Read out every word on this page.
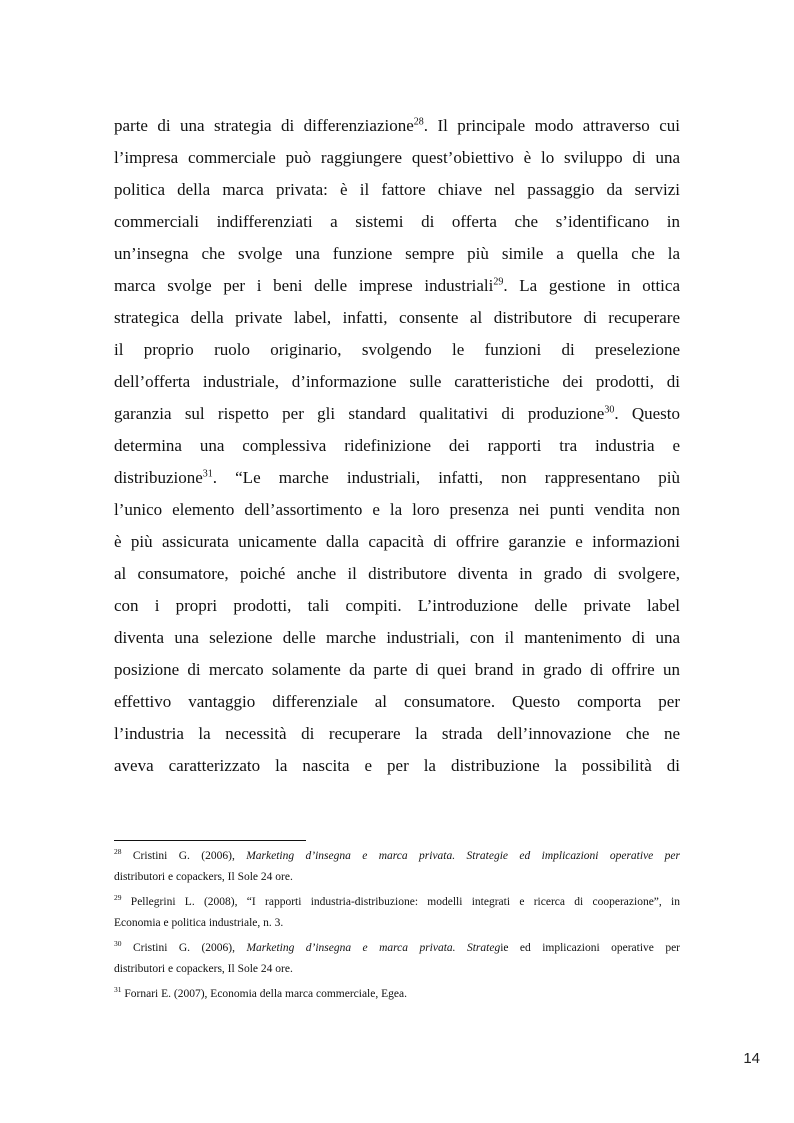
parte di una strategia di differenziazione$^{28}$. Il principale modo attraverso cui
l’impresa commerciale può raggiungere quest’obiettivo è lo sviluppo di una
politica della marca privata: è il fattore chiave nel passaggio da servizi
commerciali indifferenziati a sistemi di offerta che s’identificano in
un’insegna che svolge una funzione sempre più simile a quella che la
marca svolge per i beni delle imprese industriali$^{29}$. La gestione in ottica
strategica della private label, infatti, consente al distributore di recuperare
il proprio ruolo originario, svolgendo le funzioni di preselezione
dell’offerta industriale, d’informazione sulle caratteristiche dei prodotti, di
garanzia sul rispetto per gli standard qualitativi di produzione$^{30}$. Questo
determina una complessiva ridefinizione dei rapporti tra industria e
distribuzione$^{31}$. “Le marche industriali, infatti, non rappresentano più
l’unico elemento dell’assortimento e la loro presenza nei punti vendita non
è più assicurata unicamente dalla capacità di offrire garanzie e informazioni
al consumatore, poiché anche il distributore diventa in grado di svolgere,
con i propri prodotti, tali compiti. L’introduzione delle private label
diventa una selezione delle marche industriali, con il mantenimento di una
posizione di mercato solamente da parte di quei brand in grado di offrire un
effettivo vantaggio differenziale al consumatore. Questo comporta per
l’industria la necessità di recuperare la strada dell’innovazione che ne
aveva caratterizzato la nascita e per la distribuzione la possibilità di
$^{28}$ Cristini G. (2006), Marketing d’insegna e marca privata. Strategie ed implicazioni operative per
distributori e copackers, Il Sole 24 ore.
$^{29}$ Pellegrini L. (2008), “I rapporti industria-distribuzione: modelli integrati e ricerca di cooperazione”, in
Economia e politica industriale, n. 3.
$^{30}$ Cristini G. (2006), Marketing d’insegna e marca privata. Strategie ed implicazioni operative per
distributori e copackers, Il Sole 24 ore.
$^{31}$ Fornari E. (2007), Economia della marca commerciale, Egea.
14
